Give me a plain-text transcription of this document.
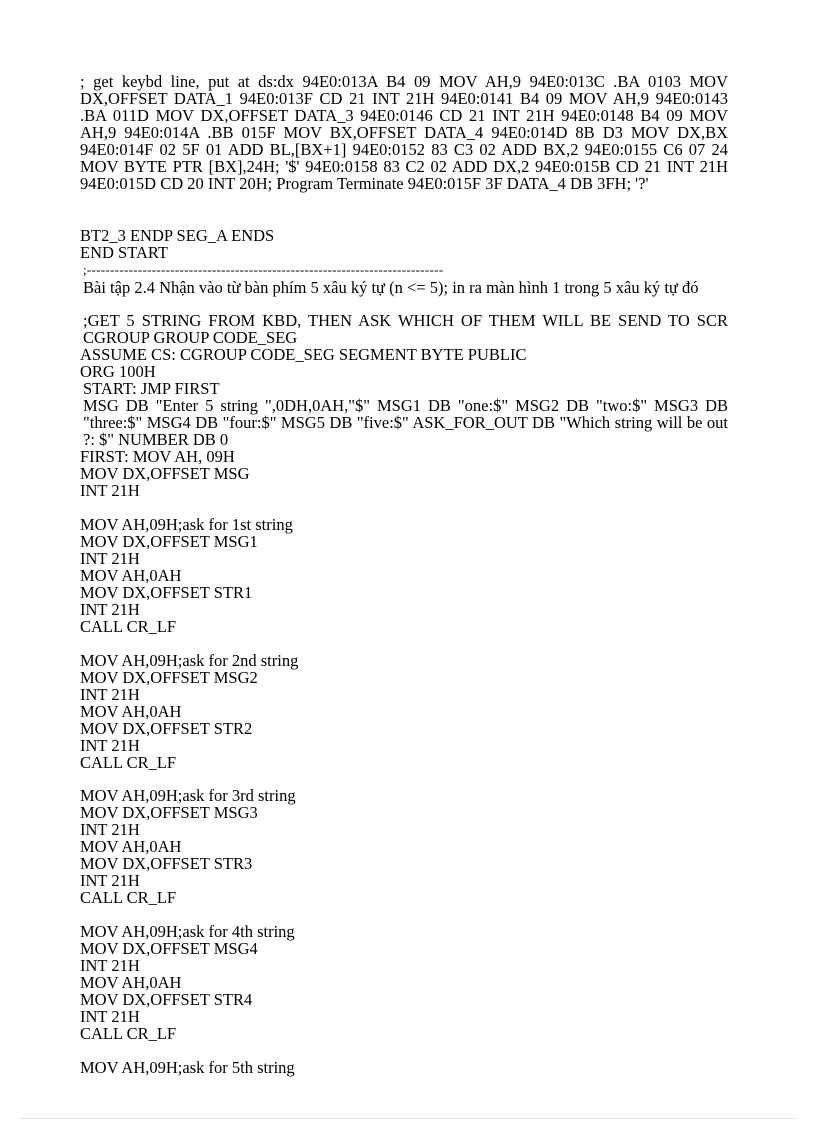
; get keybd line, put at ds:dx 94E0:013A B4 09 MOV AH,9 94E0:013C .BA 0103 MOV DX,OFFSET DATA_1 94E0:013F CD 21 INT 21H 94E0:0141 B4 09 MOV AH,9 94E0:0143 .BA 011D MOV DX,OFFSET DATA_3 94E0:0146 CD 21 INT 21H 94E0:0148 B4 09 MOV AH,9 94E0:014A .BB 015F MOV BX,OFFSET DATA_4 94E0:014D 8B D3 MOV DX,BX 94E0:014F 02 5F 01 ADD BL,[BX+1] 94E0:0152 83 C3 02 ADD BX,2 94E0:0155 C6 07 24 MOV BYTE PTR [BX],24H; '$' 94E0:0158 83 C2 02 ADD DX,2 94E0:015B CD 21 INT 21H 94E0:015D CD 20 INT 20H; Program Terminate 94E0:015F 3F DATA_4 DB 3FH; '?'

BT2_3 ENDP SEG_A ENDS
END START
;-----------------------------------------------------------------------------

Bài tập 2.4 Nhận vào từ bàn phím 5 xâu ký tự (n <= 5); in ra màn hình 1 trong 5 xâu ký tự đó

;GET 5 STRING FROM KBD, THEN ASK WHICH OF THEM WILL BE SEND TO SCR CGROUP GROUP CODE_SEG

ASSUME CS: CGROUP CODE_SEG SEGMENT BYTE PUBLIC
ORG 100H
START: JMP FIRST

MSG DB "Enter 5 string ",0DH,0AH,"$" MSG1 DB "one:$" MSG2 DB "two:$" MSG3 DB "three:$" MSG4 DB "four:$" MSG5 DB "five:$" ASK_FOR_OUT DB "Which string will be out ?: $" NUMBER DB 0

FIRST: MOV AH, 09H
MOV DX,OFFSET MSG
INT 21H
MOV AH,09H;ask for 1st string
MOV DX,OFFSET MSG1
INT 21H
MOV AH,0AH
MOV DX,OFFSET STR1
INT 21H
CALL CR_LF
MOV AH,09H;ask for 2nd string
MOV DX,OFFSET MSG2
INT 21H
MOV AH,0AH
MOV DX,OFFSET STR2
INT 21H
CALL CR_LF
MOV AH,09H;ask for 3rd string
MOV DX,OFFSET MSG3
INT 21H
MOV AH,0AH
MOV DX,OFFSET STR3
INT 21H
CALL CR_LF
MOV AH,09H;ask for 4th string
MOV DX,OFFSET MSG4
INT 21H
MOV AH,0AH
MOV DX,OFFSET STR4
INT 21H
CALL CR_LF
MOV AH,09H;ask for 5th string
